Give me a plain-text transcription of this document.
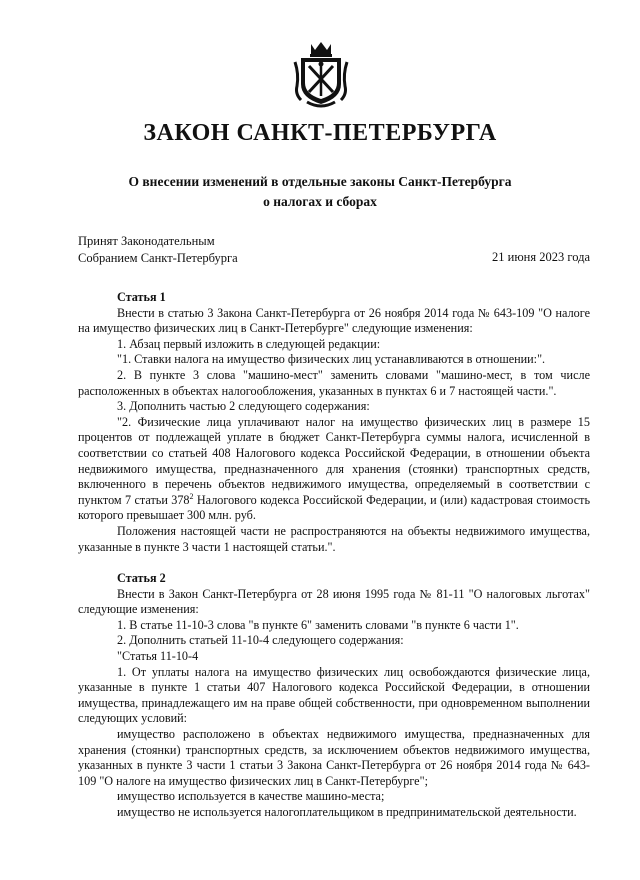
ЗАКОН САНКТ-ПЕТЕРБУРГА
О внесении изменений в отдельные законы Санкт-Петербурга
о налогах и сборах
Принят Законодательным
Собранием Санкт-Петербурга	21 июня 2023 года

Статья 1

Внести в статью 3 Закона Санкт-Петербурга от 26 ноября 2014 года № 643-109 "О налоге на имущество физических лиц в Санкт-Петербурге" следующие изменения:

1. Абзац первый изложить в следующей редакции:

"1. Ставки налога на имущество физических лиц устанавливаются в отношении:".

2. В пункте 3 слова "машино-мест" заменить словами "машино-мест, в том числе расположенных в объектах налогообложения, указанных в пунктах 6 и 7 настоящей части.".

3. Дополнить частью 2 следующего содержания:

"2. Физические лица уплачивают налог на имущество физических лиц в размере 15 процентов от подлежащей уплате в бюджет Санкт-Петербурга суммы налога, исчисленной в соответствии со статьей 408 Налогового кодекса Российской Федерации, в отношении объекта недвижимого имущества, предназначенного для хранения (стоянки) транспортных средств, включенного в перечень объектов недвижимого имущества, определяемый в соответствии с пунктом 7 статьи $378^2$ Налогового кодекса Российской Федерации, и (или) кадастровая стоимость которого превышает 300 млн. руб.

Положения настоящей части не распространяются на объекты недвижимого имущества, указанные в пункте 3 части 1 настоящей статьи.".

Статья 2

Внести в Закон Санкт-Петербурга от 28 июня 1995 года № 81-11 "О налоговых льготах" следующие изменения:

1. В статье 11-10-3 слова "в пункте 6" заменить словами "в пункте 6 части 1".

2. Дополнить статьей 11-10-4 следующего содержания:

"Статья 11-10-4

1. От уплаты налога на имущество физических лиц освобождаются физические лица, указанные в пункте 1 статьи 407 Налогового кодекса Российской Федерации, в отношении имущества, принадлежащего им на праве общей собственности, при одновременном выполнении следующих условий:

имущество расположено в объектах недвижимого имущества, предназначенных для хранения (стоянки) транспортных средств, за исключением объектов недвижимого имущества, указанных в пункте 3 части 1 статьи 3 Закона Санкт-Петербурга от 26 ноября 2014 года № 643-109 "О налоге на имущество физических лиц в Санкт-Петербурге";

имущество используется в качестве машино-места;

имущество не используется налогоплательщиком в предпринимательской деятельности.
